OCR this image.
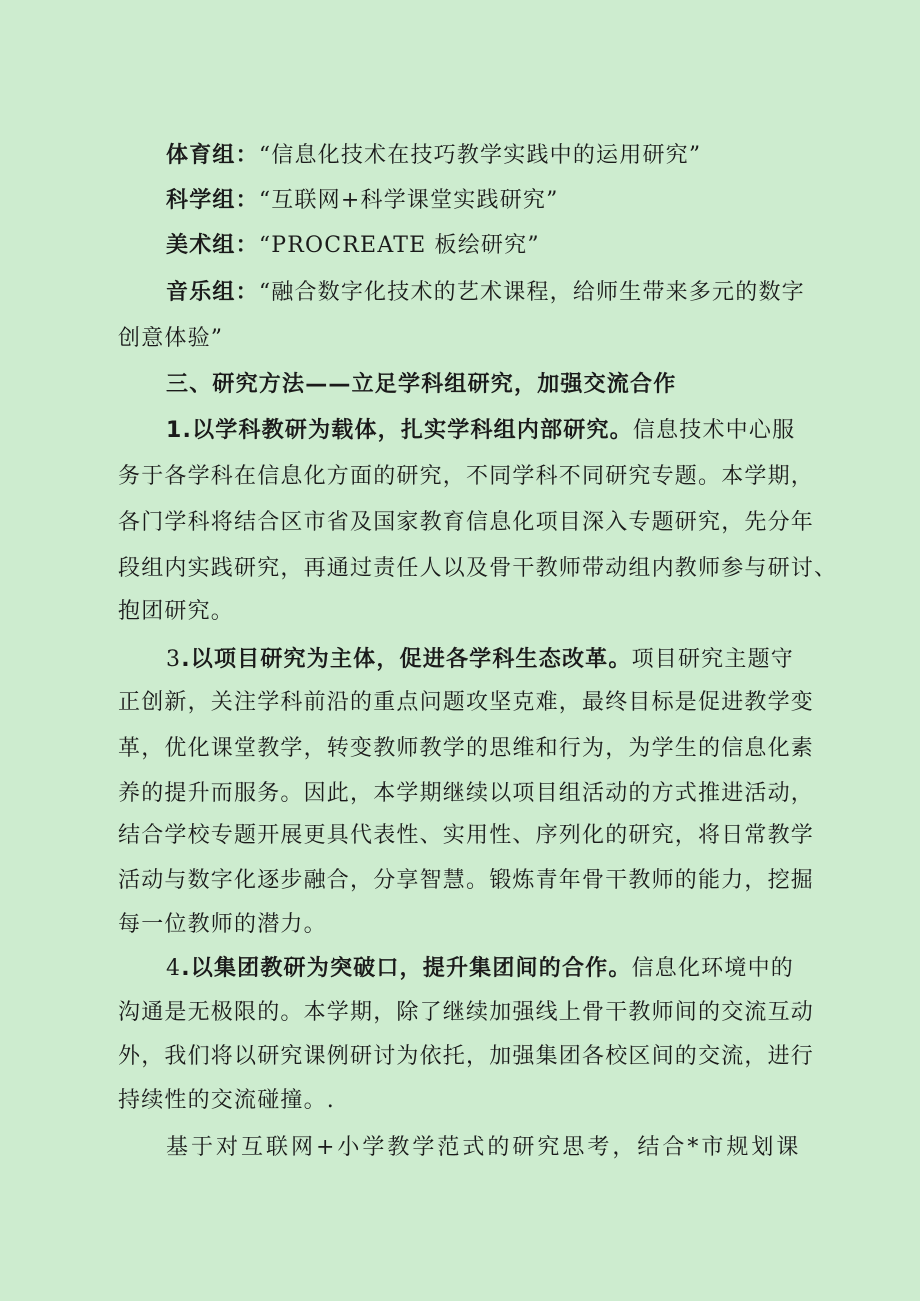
体育组：“信息化技术在技巧教学实践中的运用研究”
科学组：“互联网+科学课堂实践研究”
美术组：“PROCREATE 板绘研究”
音乐组：“融合数字化技术的艺术课程，给师生带来多元的数字
创意体验”
三、研究方法——立足学科组研究，加强交流合作
1.以学科教研为载体，扎实学科组内部研究。信息技术中心服
务于各学科在信息化方面的研究，不同学科不同研究专题。本学期，
各门学科将结合区市省及国家教育信息化项目深入专题研究，先分年
段组内实践研究，再通过责任人以及骨干教师带动组内教师参与研讨、
抱团研究。
3.以项目研究为主体，促进各学科生态改革。项目研究主题守
正创新，关注学科前沿的重点问题攻坚克难，最终目标是促进教学变
革，优化课堂教学，转变教师教学的思维和行为，为学生的信息化素
养的提升而服务。因此，本学期继续以项目组活动的方式推进活动，
结合学校专题开展更具代表性、实用性、序列化的研究，将日常教学
活动与数字化逐步融合，分享智慧。锻炼青年骨干教师的能力，挖掘
每一位教师的潜力。
4.以集团教研为突破口，提升集团间的合作。信息化环境中的
沟通是无极限的。本学期，除了继续加强线上骨干教师间的交流互动
外，我们将以研究课例研讨为依托，加强集团各校区间的交流，进行
持续性的交流碰撞。.
基于对互联网+小学教学范式的研究思考，结合*市规划课
